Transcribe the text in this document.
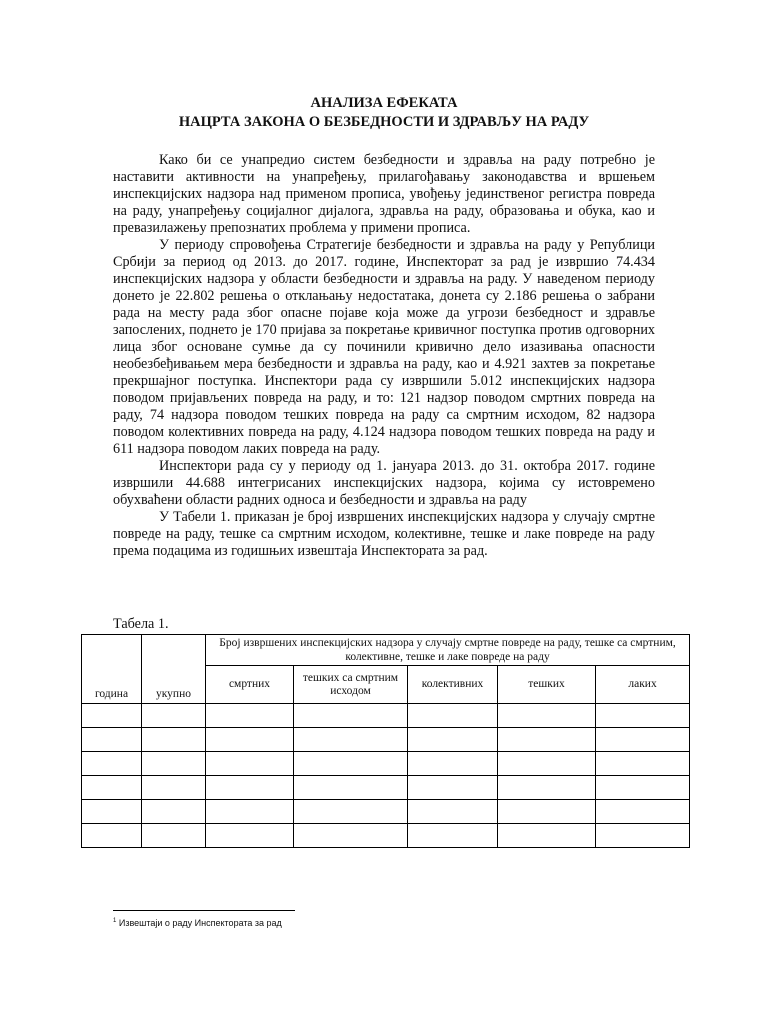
АНАЛИЗА ЕФЕКАТА
НАЦРТА ЗАКОНА О БЕЗБЕДНОСТИ И ЗДРАВЉУ НА РАДУ

Како би се унапредио систем безбедности и здравља на раду потребно је наставити активности на унапређењу, прилагођавању законодавства и вршењем инспекцијских надзора над применом прописа, увођењу јединственог регистра повреда на раду, унапређењу социјалног дијалога, здравља на раду, образовања и обука, као и превазилажењу препознатих проблема у примени прописа.

У периоду спровођења Стратегије безбедности и здравља на раду у Републици Србији за период од 2013. до 2017. године, Инспекторат за рад је извршио 74.434 инспекцијских надзора у области безбедности и здравља на раду. У наведеном периоду донето је 22.802 решења о отклањању недостатака, донета су 2.186 решења о забрани рада на месту рада због опасне појаве која може да угрози безбедност и здравље запослених, поднето је 170 пријава за покретање кривичног поступка против одговорних лица због основане сумње да су починили кривично дело изазивања опасности необезбеђивањем мера безбедности и здравља на раду, као и 4.921 захтев за покретање прекршајног поступка. Инспектори рада су извршили 5.012 инспекцијских надзора поводом пријављених повреда на раду, и то: 121 надзор поводом смртних повреда на раду, 74 надзора поводом тешких повреда на раду са смртним исходом, 82 надзора поводом колективних повреда на раду, 4.124 надзора поводом тешких повреда на раду и 611 надзора поводом лаких повреда на раду.

Инспектори рада су у периоду од 1. јануара 2013. до 31. октобра 2017. године извршили 44.688 интегрисаних инспекцијских надзора, којима су истовремено обухваћени области радних односа и безбедности и здравља на раду

У Табели 1. приказан је број извршених инспекцијских надзора у случају смртне повреде на раду, тешке са смртним исходом, колективне, тешке и лаке повреде на раду према подацима из годишњих извештаја Инспектората за рад.

Табела 1.
година	укупно	Број извршених инспекцијских надзора у случају смртне повреде на раду, тешке са смртним, колективне, тешке и лаке повреде на раду				
		смртних	тешких са смртним исходом	колективних	тешких	лаких

$^1$ Извештаји о раду Инспектората за рад
